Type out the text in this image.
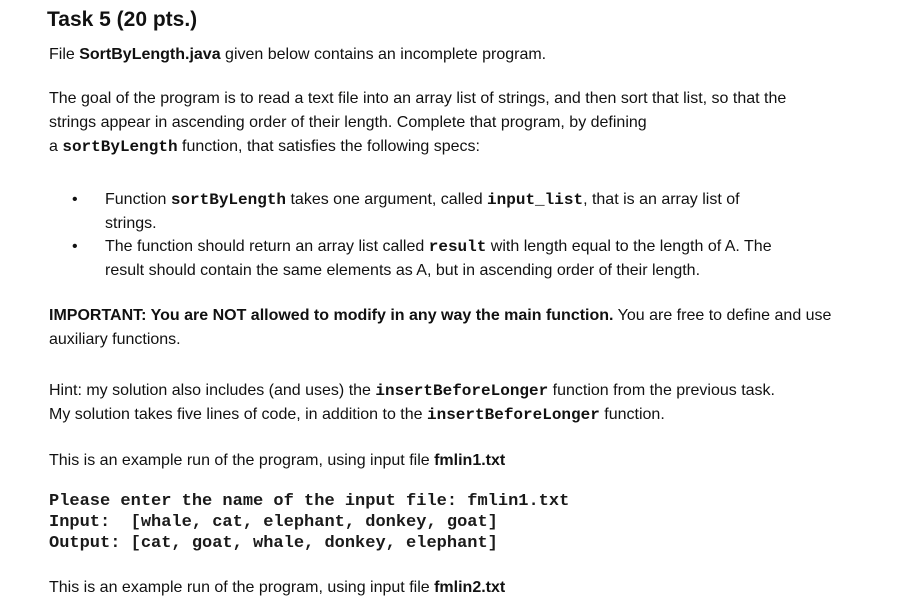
Task 5 (20 pts.)
File SortByLength.java given below contains an incomplete program.
The goal of the program is to read a text file into an array list of strings, and then sort that list, so that the
strings appear in ascending order of their length. Complete that program, by defining
a sortByLength function, that satisfies the following specs:
• Function sortByLength takes one argument, called input_list, that is an array list of
strings.
• The function should return an array list called result with length equal to the length of A. The
result should contain the same elements as A, but in ascending order of their length.
IMPORTANT: You are NOT allowed to modify in any way the main function. You are free to define and use
auxiliary functions.
Hint: my solution also includes (and uses) the insertBeforeLonger function from the previous task.
My solution takes five lines of code, in addition to the insertBeforeLonger function.
This is an example run of the program, using input file fmlin1.txt
Please enter the name of the input file: fmlin1.txt
Input:  [whale, cat, elephant, donkey, goat]
Output: [cat, goat, whale, donkey, elephant]
This is an example run of the program, using input file fmlin2.txt
